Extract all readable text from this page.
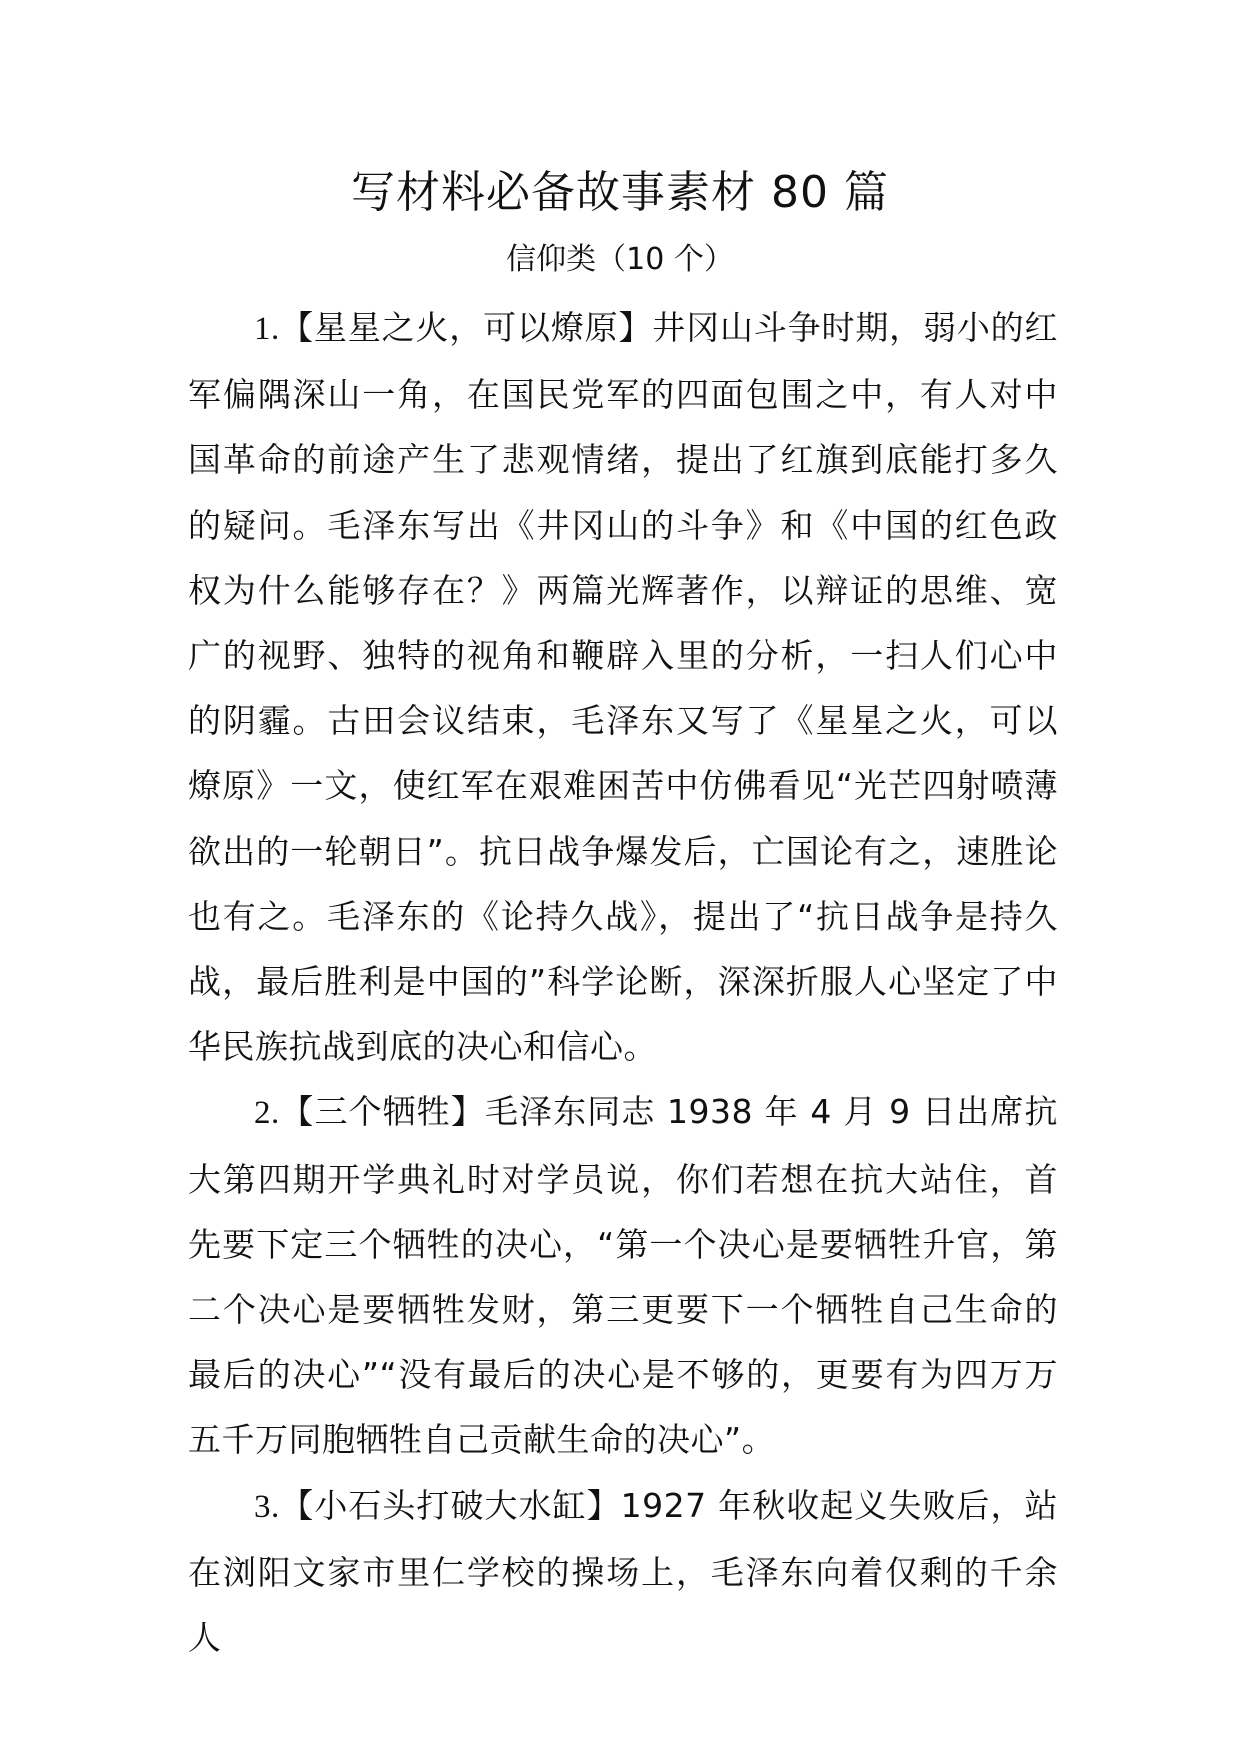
写材料必备故事素材 80 篇
信仰类（10 个）

1.【星星之火，可以燎原】井冈山斗争时期，弱小的红军偏隅深山一角，在国民党军的四面包围之中，有人对中国革命的前途产生了悲观情绪，提出了红旗到底能打多久的疑问。毛泽东写出《井冈山的斗争》和《中国的红色政权为什么能够存在？》两篇光辉著作，以辩证的思维、宽广的视野、独特的视角和鞭辟入里的分析，一扫人们心中的阴霾。古田会议结束，毛泽东又写了《星星之火，可以燎原》一文，使红军在艰难困苦中仿佛看见“光芒四射喷薄欲出的一轮朝日”。抗日战争爆发后，亡国论有之，速胜论也有之。毛泽东的《论持久战》，提出了“抗日战争是持久战，最后胜利是中国的”科学论断，深深折服人心坚定了中华民族抗战到底的决心和信心。

2.【三个牺牲】毛泽东同志 1938 年 4 月 9 日出席抗大第四期开学典礼时对学员说，你们若想在抗大站住，首先要下定三个牺牲的决心，“第一个决心是要牺牲升官，第二个决心是要牺牲发财，第三更要下一个牺牲自己生命的最后的决心”“没有最后的决心是不够的，更要有为四万万五千万同胞牺牲自己贡献生命的决心”。

3.【小石头打破大水缸】1927 年秋收起义失败后，站在浏阳文家市里仁学校的操场上，毛泽东向着仅剩的千余人
